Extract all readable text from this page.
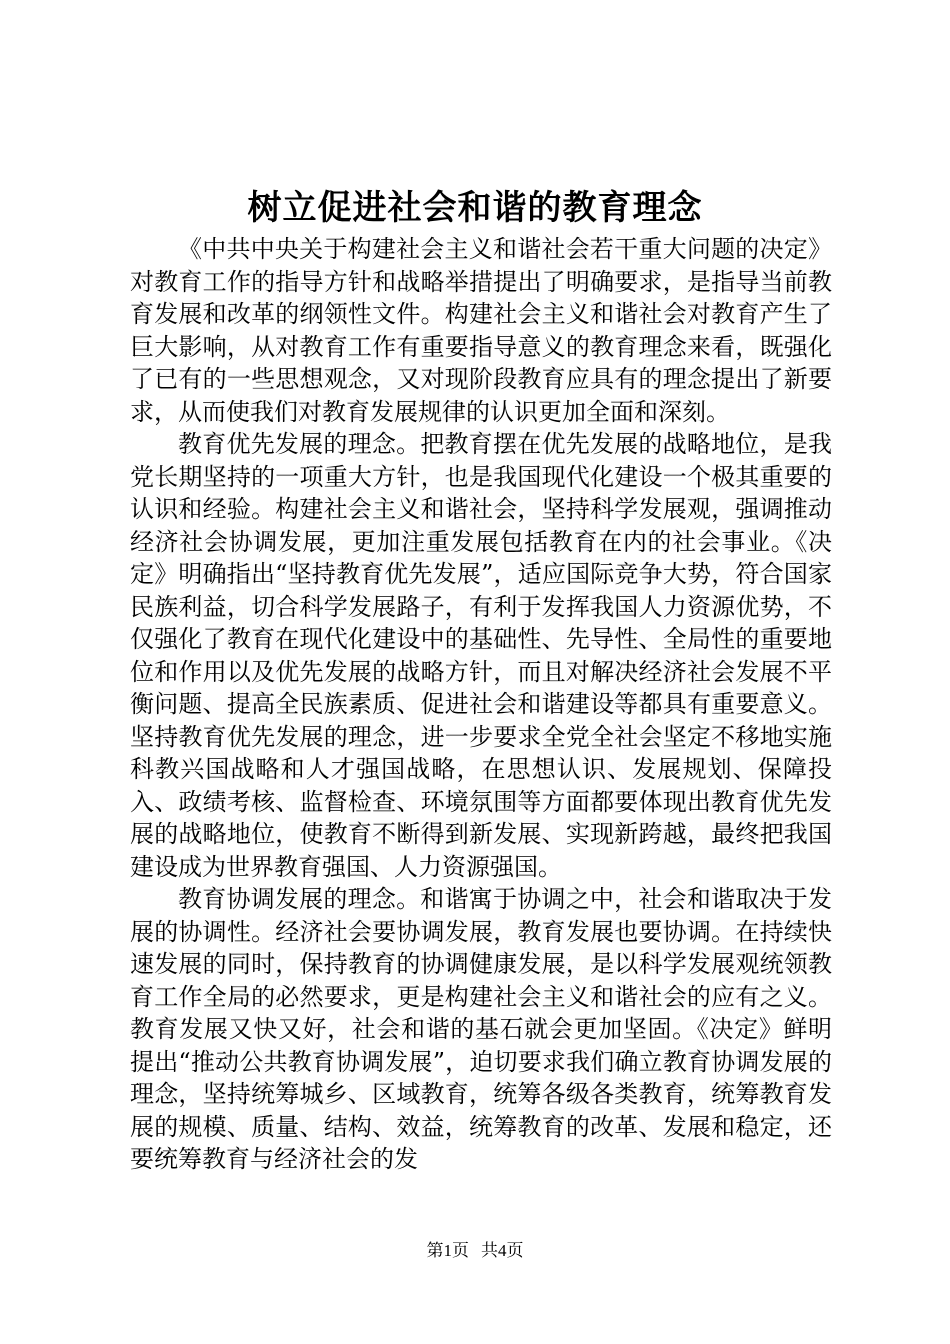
树立促进社会和谐的教育理念

《中共中央关于构建社会主义和谐社会若干重大问题的决定》对教育工作的指导方针和战略举措提出了明确要求，是指导当前教育发展和改革的纲领性文件。构建社会主义和谐社会对教育产生了巨大影响，从对教育工作有重要指导意义的教育理念来看，既强化了已有的一些思想观念，又对现阶段教育应具有的理念提出了新要求，从而使我们对教育发展规律的认识更加全面和深刻。

教育优先发展的理念。把教育摆在优先发展的战略地位，是我党长期坚持的一项重大方针，也是我国现代化建设一个极其重要的认识和经验。构建社会主义和谐社会，坚持科学发展观，强调推动经济社会协调发展，更加注重发展包括教育在内的社会事业。《决定》明确指出“坚持教育优先发展”，适应国际竞争大势，符合国家民族利益，切合科学发展路子，有利于发挥我国人力资源优势，不仅强化了教育在现代化建设中的基础性、先导性、全局性的重要地位和作用以及优先发展的战略方针，而且对解决经济社会发展不平衡问题、提高全民族素质、促进社会和谐建设等都具有重要意义。坚持教育优先发展的理念，进一步要求全党全社会坚定不移地实施科教兴国战略和人才强国战略，在思想认识、发展规划、保障投入、政绩考核、监督检查、环境氛围等方面都要体现出教育优先发展的战略地位，使教育不断得到新发展、实现新跨越，最终把我国建设成为世界教育强国、人力资源强国。

教育协调发展的理念。和谐寓于协调之中，社会和谐取决于发展的协调性。经济社会要协调发展，教育发展也要协调。在持续快速发展的同时，保持教育的协调健康发展，是以科学发展观统领教育工作全局的必然要求，更是构建社会主义和谐社会的应有之义。教育发展又快又好，社会和谐的基石就会更加坚固。《决定》鲜明提出“推动公共教育协调发展”，迫切要求我们确立教育协调发展的理念，坚持统筹城乡、区域教育，统筹各级各类教育，统筹教育发展的规模、质量、结构、效益，统筹教育的改革、发展和稳定，还要统筹教育与经济社会的发

第1页 共4页
